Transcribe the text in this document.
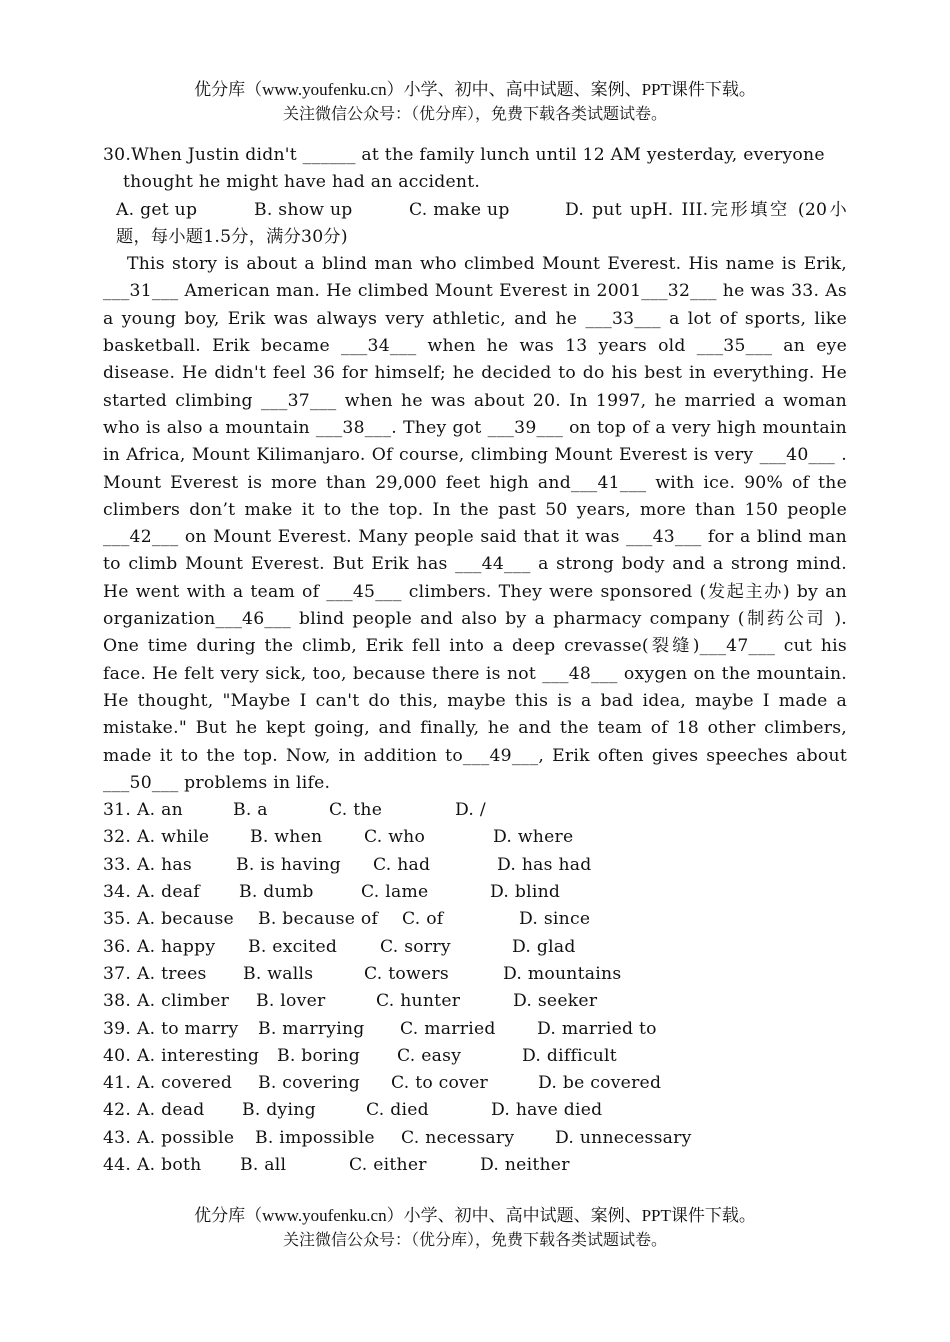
优分库（www.youfenku.cn）小学、初中、高中试题、案例、PPT课件下载。
关注微信公众号：（优分库），免费下载各类试题试卷。

30.When Justin didn't ______ at the family lunch until 12 AM yesterday, everyone thought he might have had an accident.

A. get up	B. show up	C. make up	D. put upH. III.完形填空 (20小题，每小题1.5分，满分30分)

This story is about a blind man who climbed Mount Everest. His name is Erik, ___31___ American man. He climbed Mount Everest in 2001___32___ he was 33. As a young boy, Erik was always very athletic, and he ___33___ a lot of sports, like basketball. Erik became ___34___ when he was 13 years old ___35___ an eye disease. He didn't feel 36 for himself; he decided to do his best in everything. He started climbing ___37___ when he was about 20. In 1997, he married a woman who is also a mountain ___38___. They got ___39___ on top of a very high mountain in Africa, Mount Kilimanjaro. Of course, climbing Mount Everest is very ___40___ . Mount Everest is more than 29,000 feet high and___41___ with ice. 90% of the climbers don’t make it to the top. In the past 50 years, more than 150 people ___42___ on Mount Everest. Many people said that it was ___43___ for a blind man to climb Mount Everest. But Erik has ___44___ a strong body and a strong mind. He went with a team of ___45___ climbers. They were sponsored (发起主办) by an organization___46___ blind people and also by a pharmacy company (制药公司 ). One time during the climb, Erik fell into a deep crevasse(裂缝)___47___ cut his face. He felt very sick, too, because there is not ___48___ oxygen on the mountain. He thought, "Maybe I can't do this, maybe this is a bad idea, maybe I made a mistake." But he kept going, and finally, he and the team of 18 other climbers, made it to the top. Now, in addition to___49___, Erik often gives speeches about ___50___ problems in life.

31. A. an	B. a	C. the	D. /
32. A. while B. when C. who	D. where
33. A. has	B. is having C. had	D. has had
34. A. deaf B. dumb	C. lame	D. blind
35. A. because B. because of C. of	D. since
36. A. happy B. excited C. sorry	D. glad
37. A. trees B. walls	C. towers	D. mountains
38. A. climber B. lover	C. hunter	D. seeker
39. A. to marry B. marrying C. married D. married to
40. A. interesting B. boring C. easy	D. difficult
41. A. covered B. covering C. to cover	D. be covered
42. A. dead B. dying	C. died	D. have died
43. A. possible B. impossible C. necessary D. unnecessary
44. A. both B. all	C. either	D. neither
优分库（www.youfenku.cn）小学、初中、高中试题、案例、PPT课件下载。
关注微信公众号：（优分库），免费下载各类试题试卷。
